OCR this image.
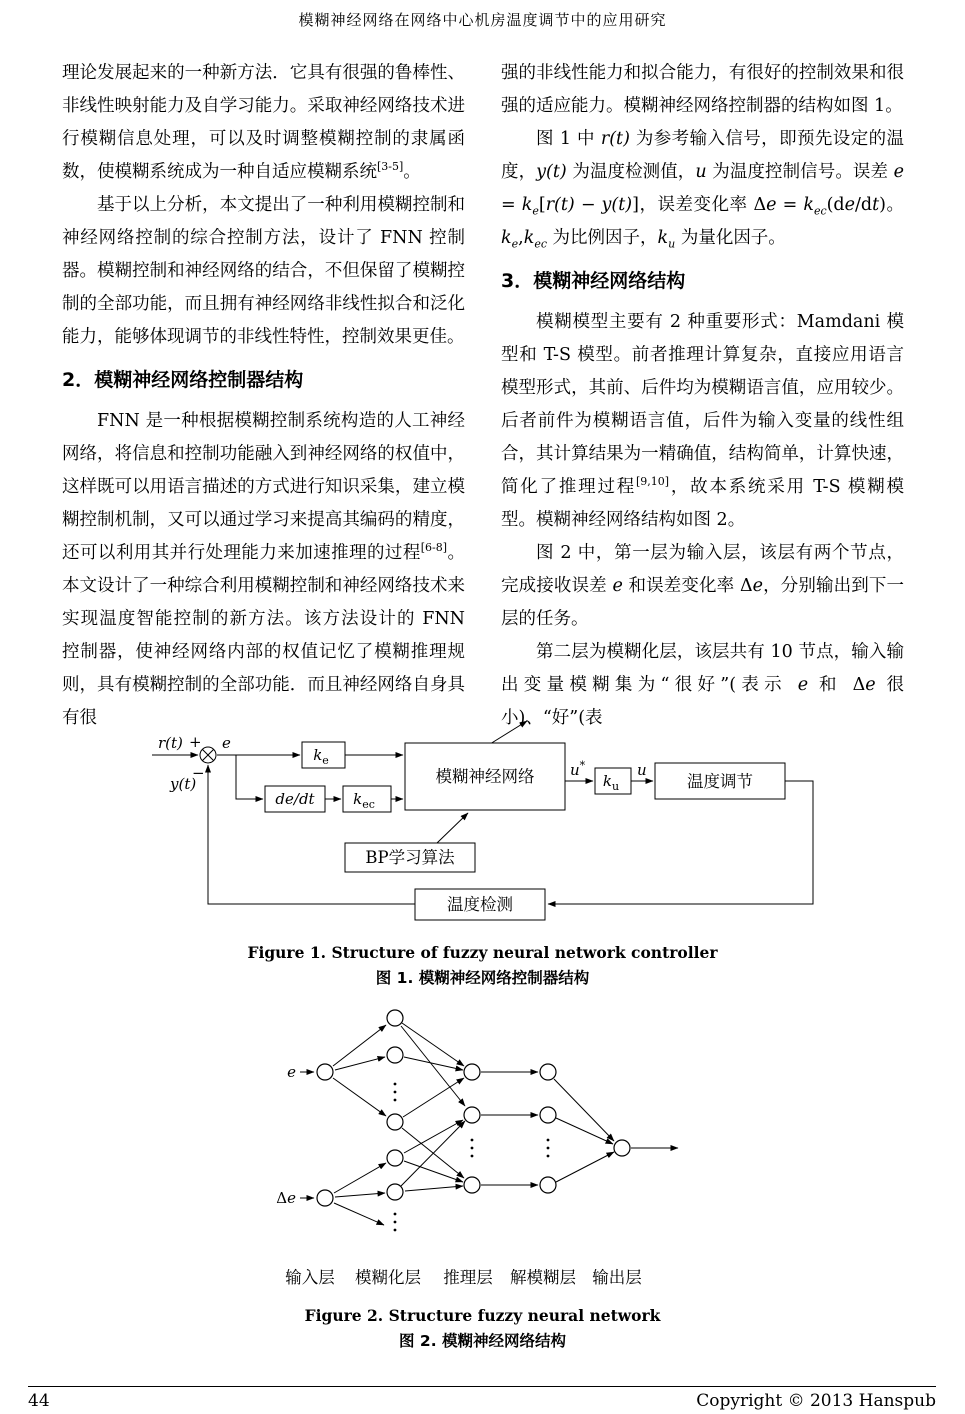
模糊神经网络在网络中心机房温度调节中的应用研究

理论发展起来的一种新方法．它具有很强的鲁棒性、非线性映射能力及自学习能力。采取神经网络技术进行模糊信息处理，可以及时调整模糊控制的隶属函数，使模糊系统成为一种自适应模糊系统[3-5]。

基于以上分析，本文提出了一种利用模糊控制和神经网络控制的综合控制方法，设计了 FNN 控制器。模糊控制和神经网络的结合，不但保留了模糊控制的全部功能，而且拥有神经网络非线性拟合和泛化能力，能够体现调节的非线性特性，控制效果更佳。

2．模糊神经网络控制器结构

FNN 是一种根据模糊控制系统构造的人工神经网络，将信息和控制功能融入到神经网络的权值中，这样既可以用语言描述的方式进行知识采集，建立模糊控制机制，又可以通过学习来提高其编码的精度，还可以利用其并行处理能力来加速推理的过程[6-8]。本文设计了一种综合利用模糊控制和神经网络技术来实现温度智能控制的新方法。该方法设计的 FNN 控制器，使神经网络内部的权值记忆了模糊推理规则，具有模糊控制的全部功能．而且神经网络自身具有很

强的非线性能力和拟合能力，有很好的控制效果和很强的适应能力。模糊神经网络控制器的结构如图 1。

图 1 中 r(t) 为参考输入信号，即预先设定的温度，y(t) 为温度检测值，u 为温度控制信号。误差 $e = k_e[r(t) - y(t)]$，误差变化率 $\Delta e = k_{ec}(de/dt)$。$k_e,k_{ec}$ 为比例因子，$k_u$ 为量化因子。

3．模糊神经网络结构

模糊模型主要有 2 种重要形式：Mamdani 模型和 T-S 模型。前者推理计算复杂，直接应用语言模型形式，其前、后件均为模糊语言值，应用较少。后者前件为模糊语言值，后件为输入变量的线性组合，其计算结果为一精确值，结构简单，计算快速，简化了推理过程[9,10]，故本系统采用 T-S 模糊模型。模糊神经网络结构如图 2。

图 2 中，第一层为输入层，该层有两个节点，完成接收误差 e 和误差变化率 Δe，分别输出到下一层的任务。

第二层为模糊化层，该层共有 10 节点，输入输出变量模糊集为“很好”(表示 e 和 Δe 很小)、“好”(表

$k_e$
de/dt	$k_{ec}$
模糊神经网络	$k_u$	温度调节
BP学习算法
温度检测
r(t) +
y(t)
−
e
u*	u
Figure 1. Structure of fuzzy neural network controller
图 1. 模糊神经网络控制器结构
e
Δe
输入层 模糊化层 推理层 解模糊层 输出层
Figure 2. Structure fuzzy neural network
图 2. 模糊神经网络结构
44	Copyright © 2013 Hanspub
